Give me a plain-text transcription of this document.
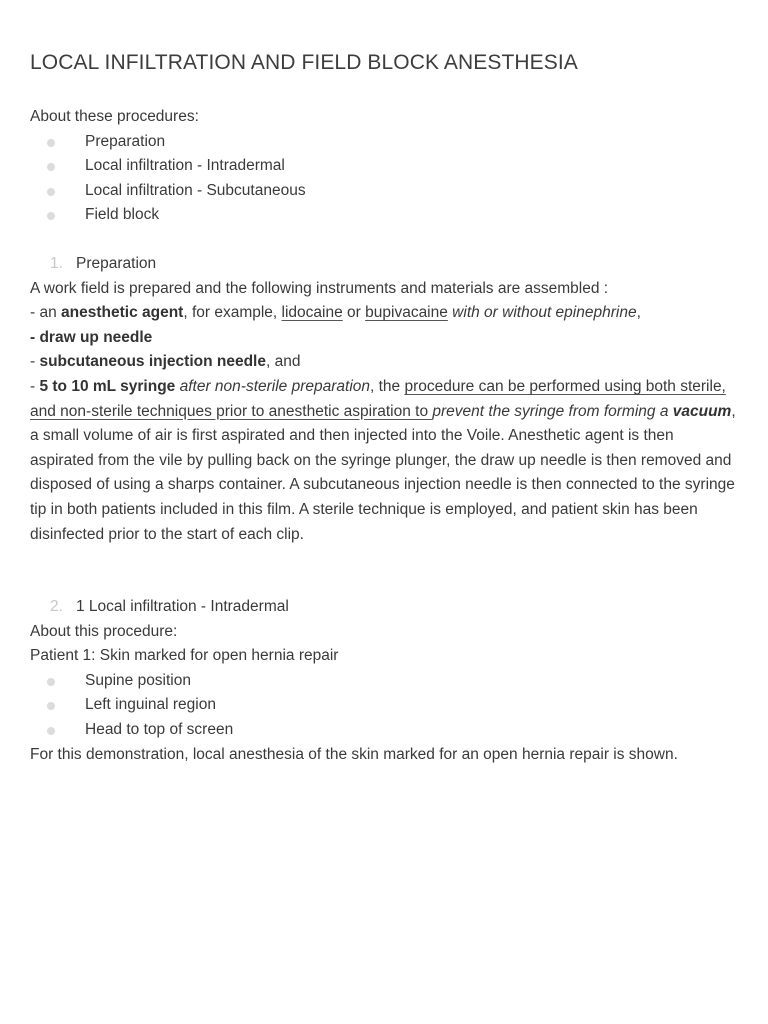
LOCAL INFILTRATION AND FIELD BLOCK ANESTHESIA

About these procedures:

Preparation
Local infiltration - Intradermal
Local infiltration - Subcutaneous
Field block
1. Preparation

A work field is prepared and the following instruments and materials are assembled :

- an anesthetic agent, for example, lidocaine or bupivacaine with or without epinephrine,

- draw up needle

- subcutaneous injection needle, and

- 5 to 10 mL syringe after non-sterile preparation, the procedure can be performed using both sterile, and non-sterile techniques prior to anesthetic aspiration to prevent the syringe from forming a vacuum, a small volume of air is first aspirated and then injected into the Voile. Anesthetic agent is then aspirated from the vile by pulling back on the syringe plunger, the draw up needle is then removed and disposed of using a sharps container. A subcutaneous injection needle is then connected to the syringe tip in both patients included in this film. A sterile technique is employed, and patient skin has been disinfected prior to the start of each clip.

2. 1 Local infiltration - Intradermal

About this procedure:

Patient 1: Skin marked for open hernia repair

Supine position
Left inguinal region
Head to top of screen

For this demonstration, local anesthesia of the skin marked for an open hernia repair is shown.
